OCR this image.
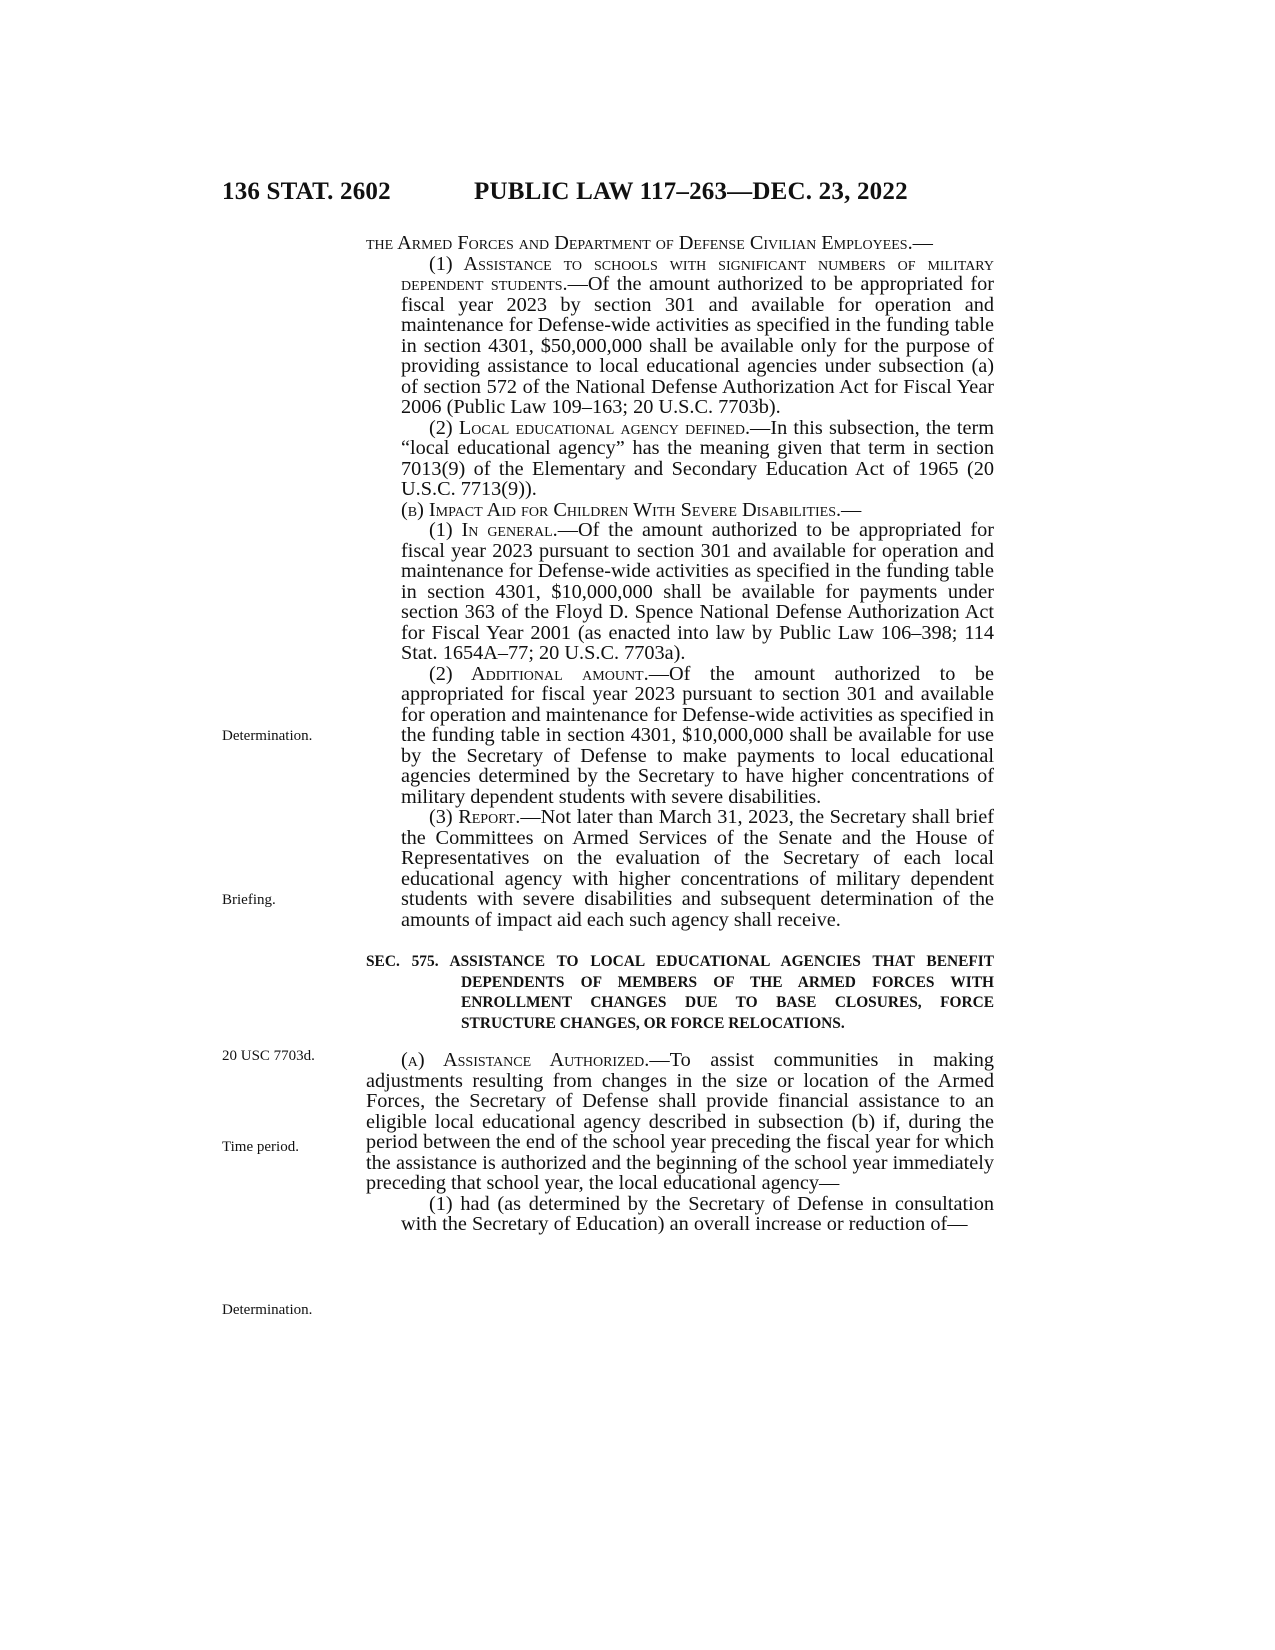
136 STAT. 2602	PUBLIC LAW 117–263—DEC. 23, 2022
Determination.
Briefing.
20 USC 7703d.
Time period.
Determination.

the Armed Forces and Department of Defense Civilian Employees.—

(1) Assistance to schools with significant numbers of military dependent students.—Of the amount authorized to be appropriated for fiscal year 2023 by section 301 and available for operation and maintenance for Defense-wide activities as specified in the funding table in section 4301, $50,000,000 shall be available only for the purpose of providing assistance to local educational agencies under subsection (a) of section 572 of the National Defense Authorization Act for Fiscal Year 2006 (Public Law 109–163; 20 U.S.C. 7703b).

(2) Local educational agency defined.—In this subsection, the term “local educational agency” has the meaning given that term in section 7013(9) of the Elementary and Secondary Education Act of 1965 (20 U.S.C. 7713(9)).

(b) Impact Aid for Children With Severe Disabilities.—

(1) In general.—Of the amount authorized to be appropriated for fiscal year 2023 pursuant to section 301 and available for operation and maintenance for Defense-wide activities as specified in the funding table in section 4301, $10,000,000 shall be available for payments under section 363 of the Floyd D. Spence National Defense Authorization Act for Fiscal Year 2001 (as enacted into law by Public Law 106–398; 114 Stat. 1654A–77; 20 U.S.C. 7703a).

(2) Additional amount.—Of the amount authorized to be appropriated for fiscal year 2023 pursuant to section 301 and available for operation and maintenance for Defense-wide activities as specified in the funding table in section 4301, $10,000,000 shall be available for use by the Secretary of Defense to make payments to local educational agencies determined by the Secretary to have higher concentrations of military dependent students with severe disabilities.

(3) Report.—Not later than March 31, 2023, the Secretary shall brief the Committees on Armed Services of the Senate and the House of Representatives on the evaluation of the Secretary of each local educational agency with higher concentrations of military dependent students with severe disabilities and subsequent determination of the amounts of impact aid each such agency shall receive.

SEC. 575. ASSISTANCE TO LOCAL EDUCATIONAL AGENCIES THAT BENEFIT DEPENDENTS OF MEMBERS OF THE ARMED FORCES WITH ENROLLMENT CHANGES DUE TO BASE CLOSURES, FORCE STRUCTURE CHANGES, OR FORCE RELOCATIONS.

(a) Assistance Authorized.—To assist communities in making adjustments resulting from changes in the size or location of the Armed Forces, the Secretary of Defense shall provide financial assistance to an eligible local educational agency described in subsection (b) if, during the period between the end of the school year preceding the fiscal year for which the assistance is authorized and the beginning of the school year immediately preceding that school year, the local educational agency—

(1) had (as determined by the Secretary of Defense in consultation with the Secretary of Education) an overall increase or reduction of—
